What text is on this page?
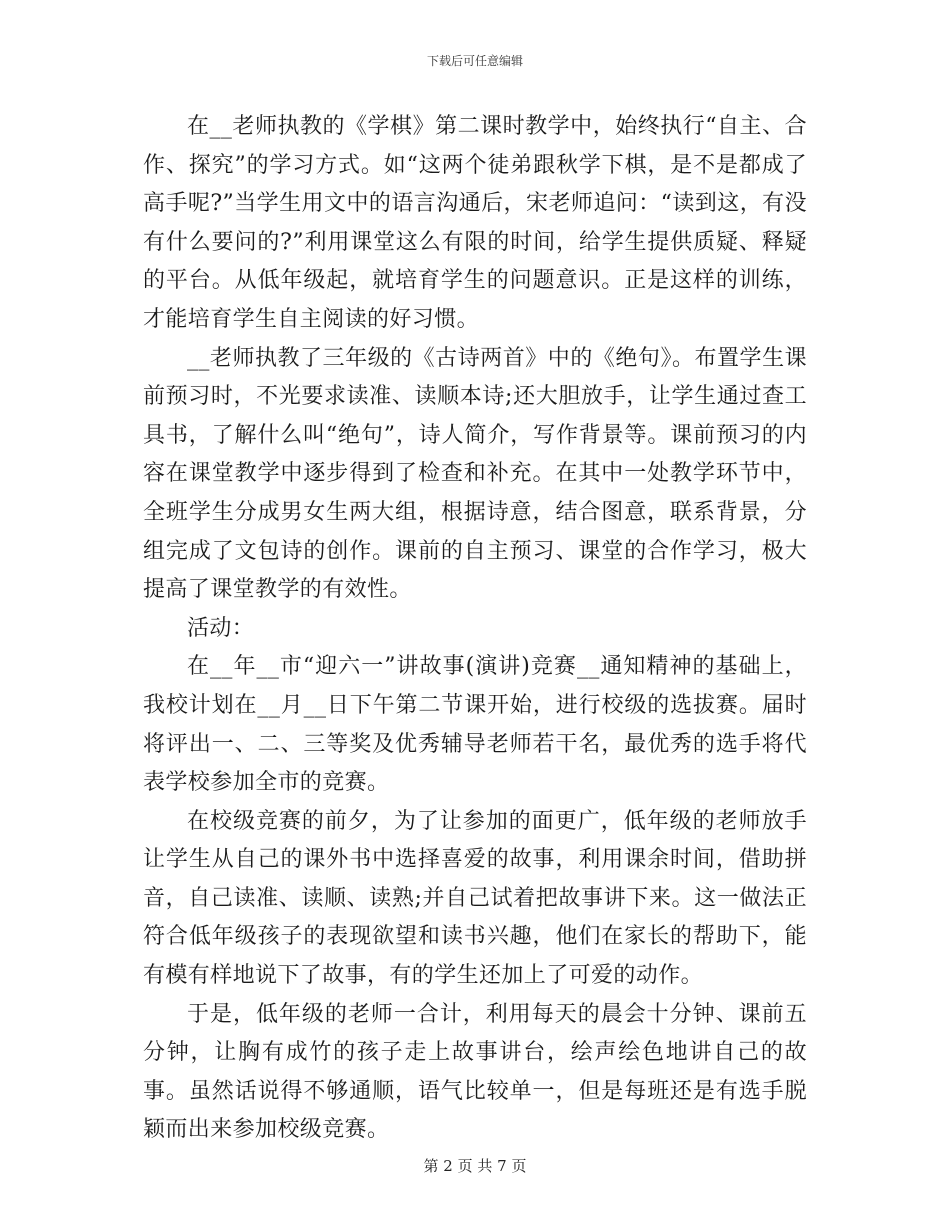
下载后可任意编辑

在__老师执教的《学棋》第二课时教学中，始终执行“自主、合作、探究”的学习方式。如“这两个徒弟跟秋学下棋，是不是都成了高手呢?”当学生用文中的语言沟通后，宋老师追问：“读到这，有没有什么要问的?”利用课堂这么有限的时间，给学生提供质疑、释疑的平台。从低年级起，就培育学生的问题意识。正是这样的训练，才能培育学生自主阅读的好习惯。

__老师执教了三年级的《古诗两首》中的《绝句》。布置学生课前预习时，不光要求读准、读顺本诗;还大胆放手，让学生通过查工具书，了解什么叫“绝句”，诗人简介，写作背景等。课前预习的内容在课堂教学中逐步得到了检查和补充。在其中一处教学环节中，全班学生分成男女生两大组，根据诗意，结合图意，联系背景，分组完成了文包诗的创作。课前的自主预习、课堂的合作学习，极大提高了课堂教学的有效性。

活动：

在__年__市“迎六一”讲故事(演讲)竞赛__通知精神的基础上，我校计划在__月__日下午第二节课开始，进行校级的选拔赛。届时将评出一、二、三等奖及优秀辅导老师若干名，最优秀的选手将代表学校参加全市的竞赛。

在校级竞赛的前夕，为了让参加的面更广，低年级的老师放手让学生从自己的课外书中选择喜爱的故事，利用课余时间，借助拼音，自己读准、读顺、读熟;并自己试着把故事讲下来。这一做法正符合低年级孩子的表现欲望和读书兴趣，他们在家长的帮助下，能有模有样地说下了故事，有的学生还加上了可爱的动作。

于是，低年级的老师一合计，利用每天的晨会十分钟、课前五分钟，让胸有成竹的孩子走上故事讲台，绘声绘色地讲自己的故事。虽然话说得不够通顺，语气比较单一，但是每班还是有选手脱颖而出来参加校级竞赛。

第 2 页 共 7 页
